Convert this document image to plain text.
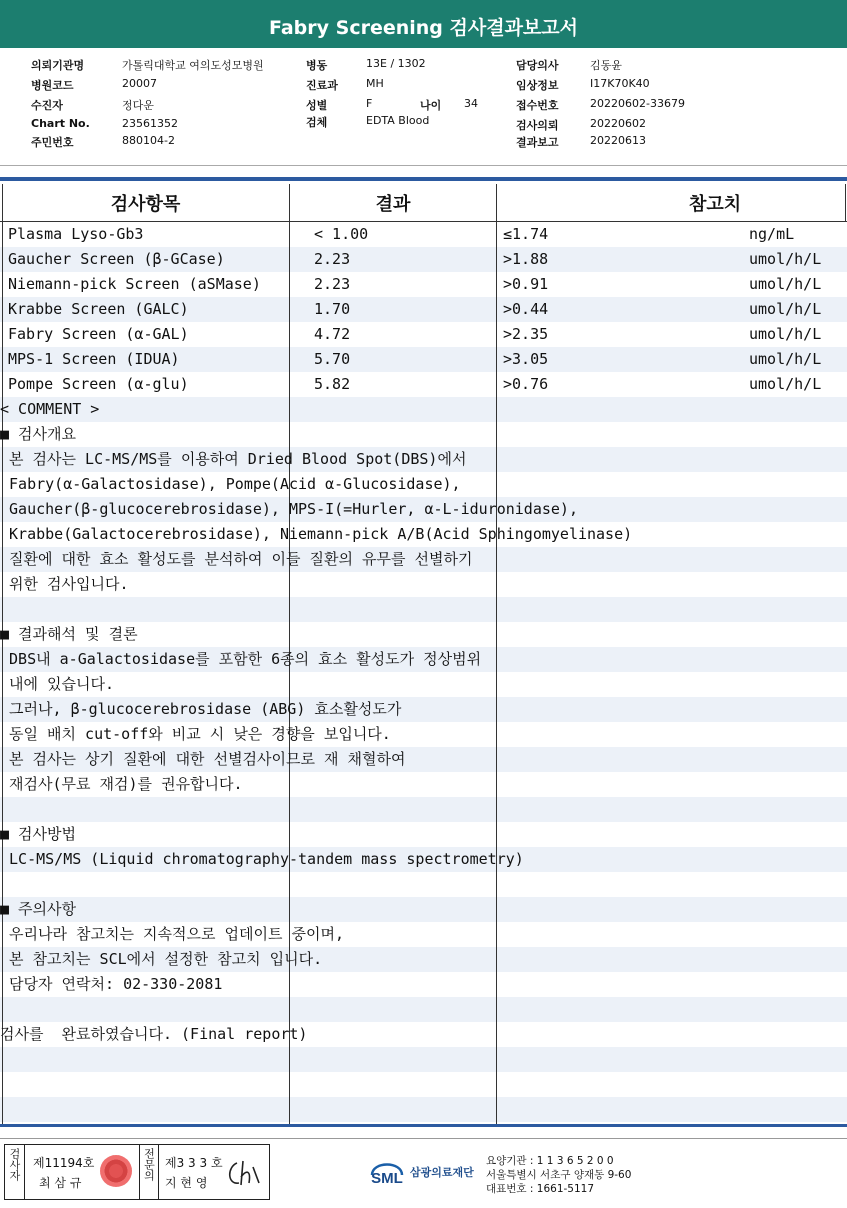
Fabry Screening 검사결과보고서
의뢰기관명	가톨릭대학교 여의도성모병원
병원코드	20007
수진자	정다운
Chart No.	23561352
주민번호	880104-2
병동	13E / 1302
진료과	MH
성별	F	나이 34
검체	EDTA Blood
담당의사	김동윤
임상정보	I17K70K40
접수번호	20220602-33679
검사의뢰	20220602
결과보고	20220613
검사항목	결과	참고치
Plasma Lyso-Gb3	< 1.00	≤1.74	ng/mL
Gaucher Screen (β-GCase)	2.23	>1.88	umol/h/L
Niemann-pick Screen (aSMase)	2.23	>0.91	umol/h/L
Krabbe Screen (GALC)	1.70	>0.44	umol/h/L
Fabry Screen (α-GAL)	4.72	>2.35	umol/h/L
MPS-1 Screen (IDUA)	5.70	>3.05	umol/h/L
Pompe Screen (α-glu)	5.82	>0.76	umol/h/L
< COMMENT >
■ 검사개요
본 검사는 LC-MS/MS를 이용하여 Dried Blood Spot(DBS)에서
Fabry(α-Galactosidase), Pompe(Acid α-Glucosidase),
Gaucher(β-glucocerebrosidase), MPS-I(=Hurler, α-L-iduronidase),
Krabbe(Galactocerebrosidase), Niemann-pick A/B(Acid Sphingomyelinase)
질환에 대한 효소 활성도를 분석하여 이들 질환의 유무를 선별하기
위한 검사입니다.
■ 결과해석 및 결론
DBS내 a-Galactosidase를 포함한 6종의 효소 활성도가 정상범위
내에 있습니다.
그러나, β-glucocerebrosidase (ABG) 효소활성도가
동일 배치 cut-off와 비교 시 낮은 경향을 보입니다.
본 검사는 상기 질환에 대한 선별검사이므로 재 채혈하여
재검사(무료 재검)를 권유합니다.
■ 검사방법
LC-MS/MS (Liquid chromatography-tandem mass spectrometry)
■ 주의사항
우리나라 참고치는 지속적으로 업데이트 중이며,
본 참고치는 SCL에서 설정한 참고치 입니다.
담당자 연락처: 02-330-2081
검사를  완료하였습니다. (Final report)
검사자	제11194호
최 삼 규
전문의 제3 3 3 호
지 현 영	SML 삼광의료재단
요양기관 : 1 1 3 6 5 2 0 0
서울특별시 서초구 양재동 9-60
대표번호 : 1661-5117
